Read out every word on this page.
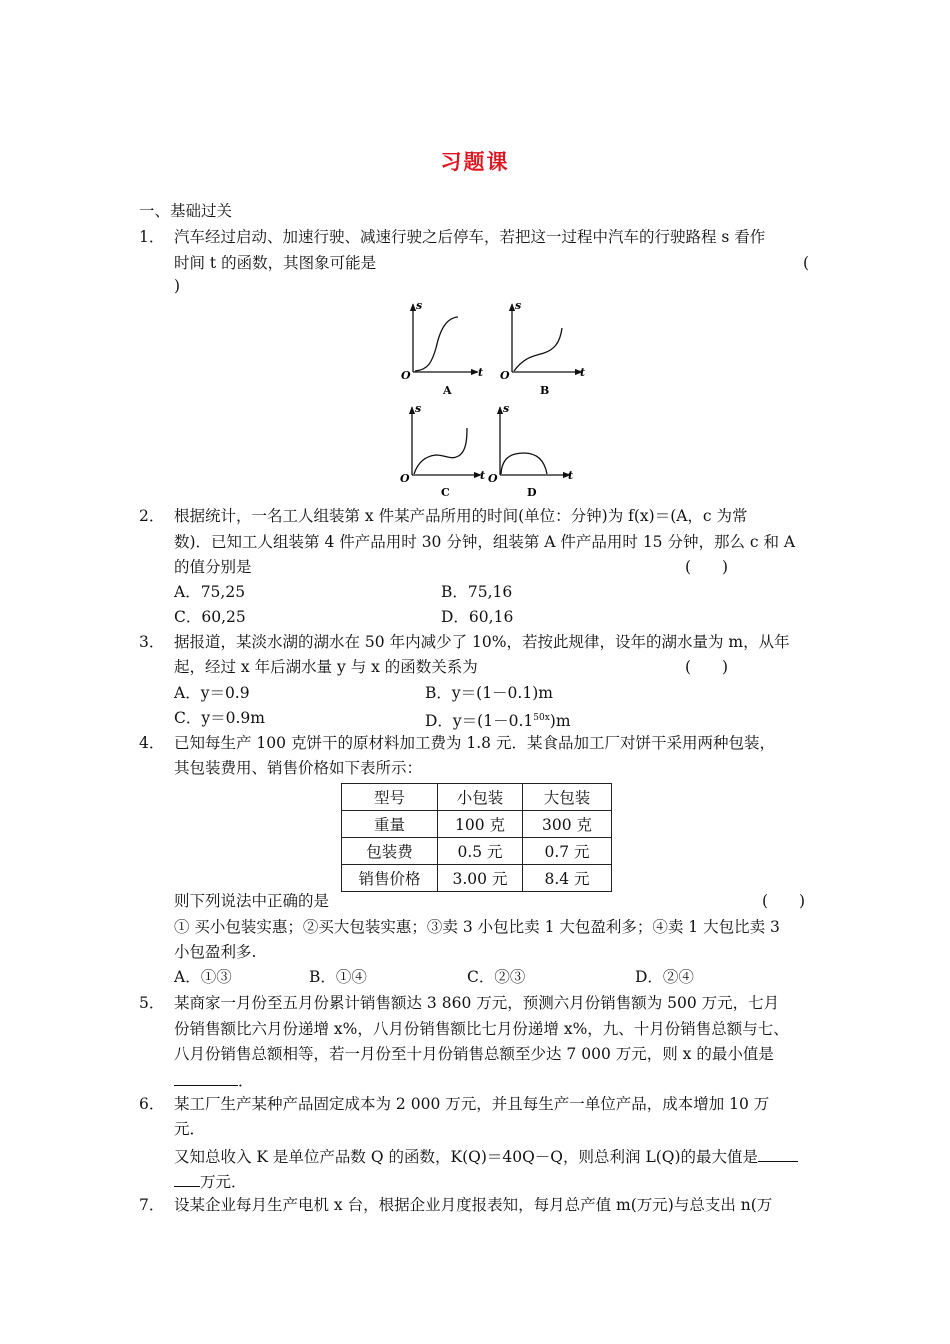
习题课
一、基础过关
1． 汽车经过启动、加速行驶、减速行驶之后停车，若把这一过程中汽车的行驶路程 s 看作
时间 t 的函数，其图象可能是	(
)
s
t
O
A
s
t
O
B
s
t
O
C
s
t
O
D
2． 根据统计，一名工人组装第 x 件某产品所用的时间(单位：分钟)为 f(x)＝(A，c 为常
数)．已知工人组装第 4 件产品用时 30 分钟，组装第 A 件产品用时 15 分钟，那么 c 和 A
的值分别是	(　　)
A．75,25	B．75,16
C．60,25	D．60,16
3． 据报道，某淡水湖的湖水在 50 年内减少了 10%，若按此规律，设年的湖水量为 m，从年
起，经过 x 年后湖水量 y 与 x 的函数关系为	(　　)
A．y＝0.9	B．y＝(1－0.1)m
C．y＝0.9m	D．$y=(1-0.1^{50x})m$
4． 已知每生产 100 克饼干的原材料加工费为 1.8 元．某食品加工厂对饼干采用两种包装，
其包装费用、销售价格如下表所示：
型号	小包装	大包装
重量	100 克	300 克
包装费	0.5 元	0.7 元
销售价格	3.00 元	8.4 元
则下列说法中正确的是	(　　)
① 买小包装实惠；②买大包装实惠；③卖 3 小包比卖 1 大包盈利多；④卖 1 大包比卖 3
小包盈利多.
A．①③	B．①④	C．②③	D．②④
5． 某商家一月份至五月份累计销售额达 3 860 万元，预测六月份销售额为 500 万元，七月
份销售额比六月份递增 x%，八月份销售额比七月份递增 x%，九、十月份销售总额与七、
八月份销售总额相等，若一月份至十月份销售总额至少达 7 000 万元，则 x 的最小值是
．
6． 某工厂生产某种产品固定成本为 2 000 万元，并且每生产一单位产品，成本增加 10 万
元．
又知总收入 K 是单位产品数 Q 的函数，K(Q)＝40Q－Q，则总利润 L(Q)的最大值是
万元．
7． 设某企业每月生产电机 x 台，根据企业月度报表知，每月总产值 m(万元)与总支出 n(万
